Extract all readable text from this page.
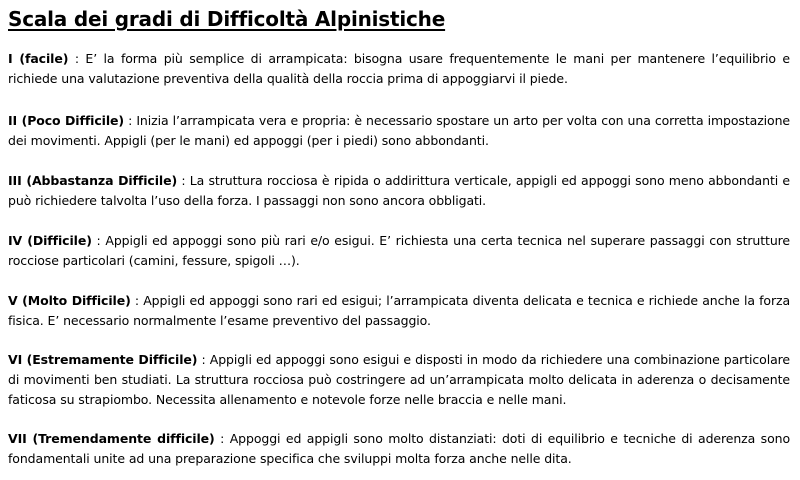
Scala dei gradi di Difficoltà Alpinistiche

I (facile) : E’ la forma più semplice di arrampicata: bisogna usare frequentemente le mani per mantenere l’equilibrio e richiede una valutazione preventiva della qualità della roccia prima di appoggiarvi il piede.

II (Poco Difficile) : Inizia l’arrampicata vera e propria: è necessario spostare un arto per volta con una corretta impostazione dei movimenti. Appigli (per le mani) ed appoggi (per i piedi) sono abbondanti.

III (Abbastanza Difficile) : La struttura rocciosa è ripida o addirittura verticale, appigli ed appoggi sono meno abbondanti e può richiedere talvolta l’uso della forza. I passaggi non sono ancora obbligati.

IV (Difficile) : Appigli ed appoggi sono più rari e/o esigui. E’ richiesta una certa tecnica nel superare passaggi con strutture rocciose particolari (camini, fessure, spigoli …).

V (Molto Difficile) : Appigli ed appoggi sono rari ed esigui; l’arrampicata diventa delicata e tecnica e richiede anche la forza fisica. E’ necessario normalmente l’esame preventivo del passaggio.

VI (Estremamente Difficile) : Appigli ed appoggi sono esigui e disposti in modo da richiedere una combinazione particolare di movimenti ben studiati. La struttura rocciosa può costringere ad un’arrampicata molto delicata in aderenza o decisamente faticosa su strapiombo. Necessita allenamento e notevole forze nelle braccia e nelle mani.

VII (Tremendamente difficile) : Appoggi ed appigli sono molto distanziati: doti di equilibrio e tecniche di aderenza sono fondamentali unite ad una preparazione specifica che sviluppi molta forza anche nelle dita.
